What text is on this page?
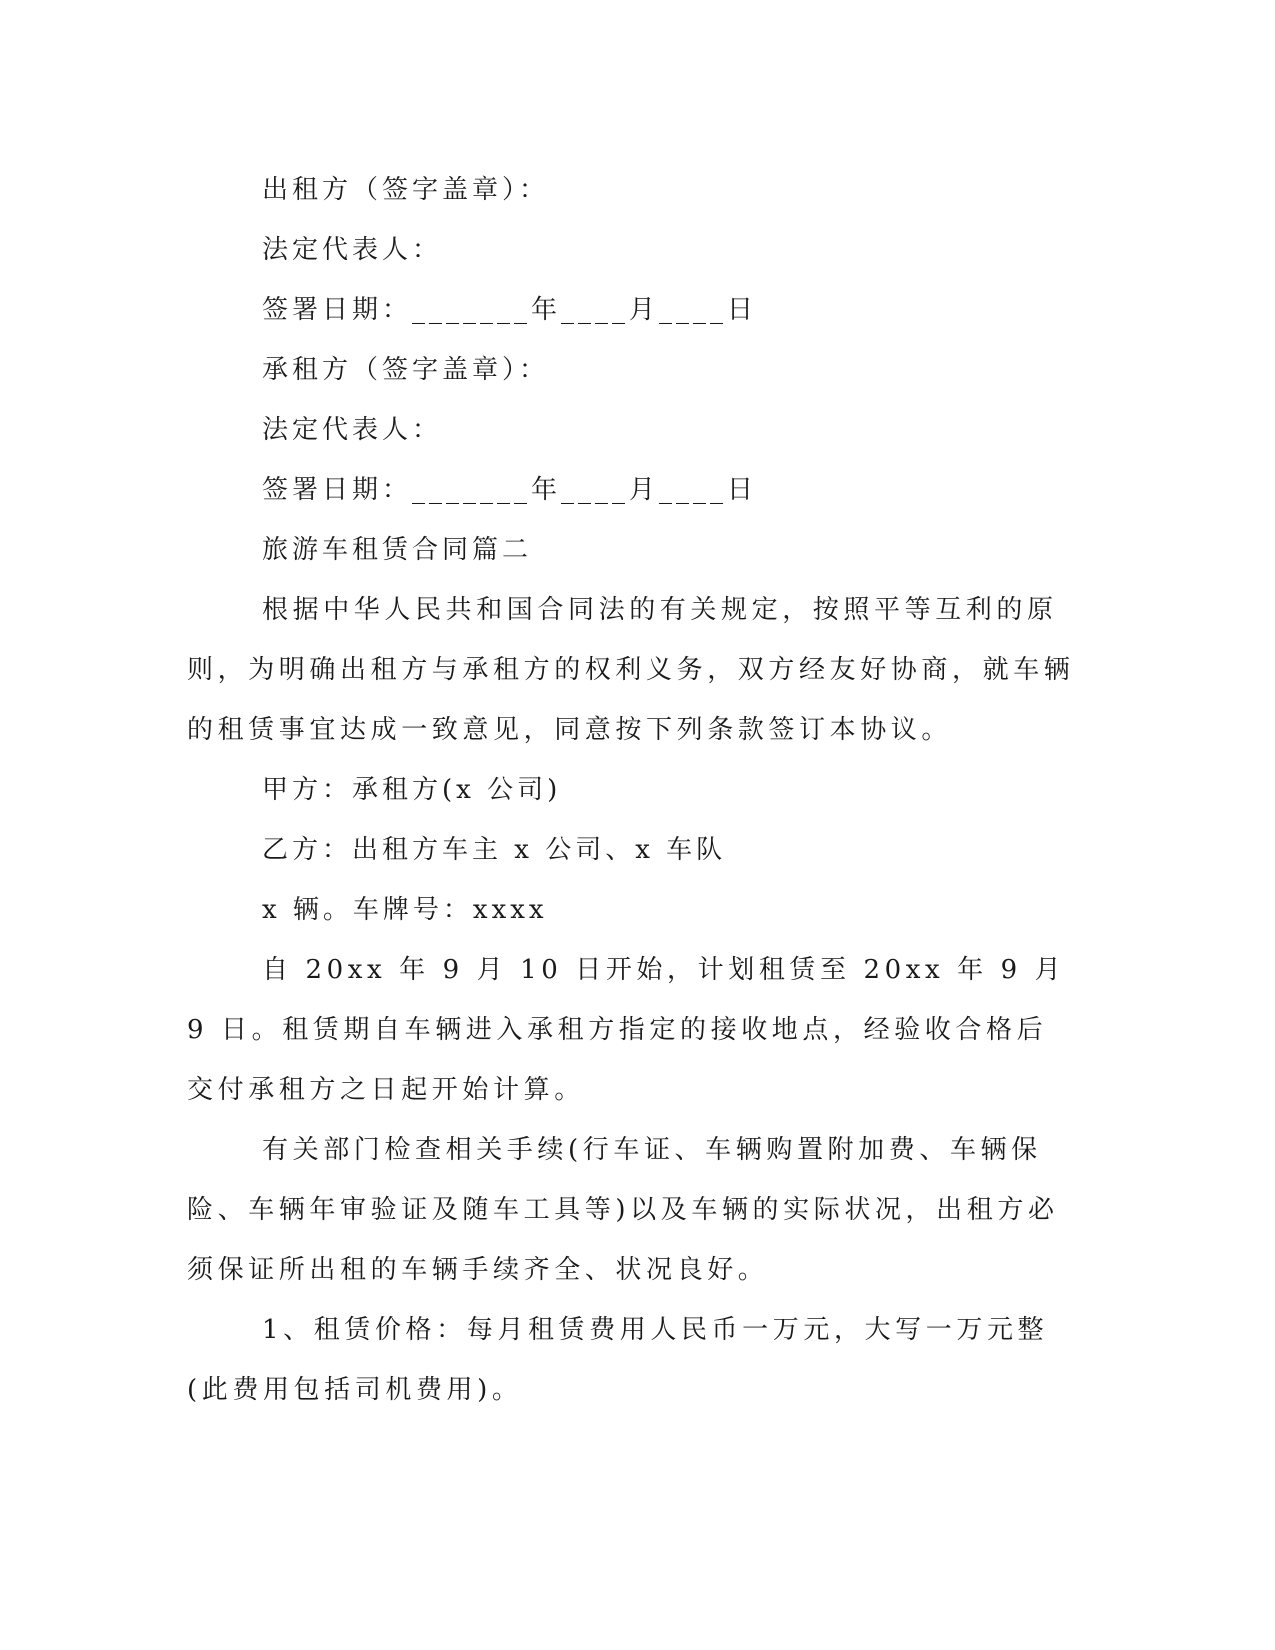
出租方（签字盖章）：

法定代表人：

签署日期：_______年____月____日

承租方（签字盖章）：

法定代表人：

签署日期：_______年____月____日

旅游车租赁合同篇二

根据中华人民共和国合同法的有关规定，按照平等互利的原则，为明确出租方与承租方的权利义务，双方经友好协商，就车辆的租赁事宜达成一致意见，同意按下列条款签订本协议。

甲方：承租方(x 公司)

乙方：出租方车主 x 公司、x 车队

x 辆。车牌号：xxxx

自 20xx 年 9 月 10 日开始，计划租赁至 20xx 年 9 月 9 日。租赁期自车辆进入承租方指定的接收地点，经验收合格后交付承租方之日起开始计算。

有关部门检查相关手续(行车证、车辆购置附加费、车辆保险、车辆年审验证及随车工具等)以及车辆的实际状况，出租方必须保证所出租的车辆手续齐全、状况良好。

1、租赁价格：每月租赁费用人民币一万元，大写一万元整(此费用包括司机费用)。
